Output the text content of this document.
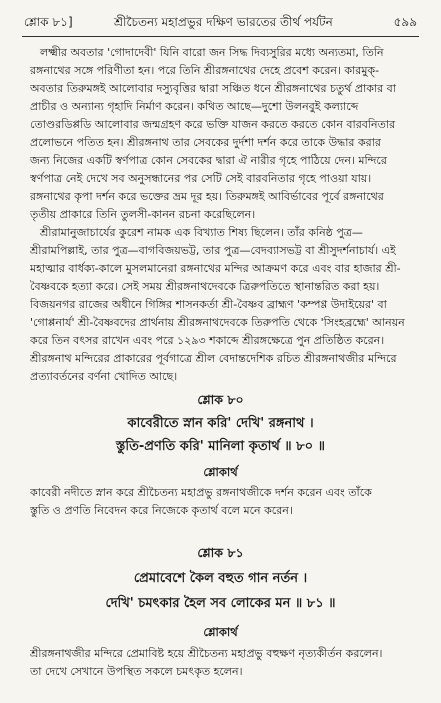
শ্লোক ৮১]	শ্রীচৈতন্য মহাপ্রভুর দক্ষিণ ভারতের তীর্থ পর্যটন	৫৯৯
লক্ষ্মীর অবতার 'গোদাদেবী' যিনি বারো জন সিদ্ধ দিব্যসুরির মধ্যে অন্যতমা, তিনি
রঙ্গনাথের সঙ্গে পরিণীতা হন। পরে তিনি শ্রীরঙ্গনাথের দেহে প্রবেশ করেন। কারমুক্-
অবতার তিরুমঙ্গই আলোবার দস্যুবৃত্তির দ্বারা সঞ্চিত ধনে শ্রীরঙ্গনাথের চতুর্থ প্রাকার বা
প্রাচীর ও অন্যান্য গৃহাদি নির্মাণ করেন। কথিত আছে—দুশো উলনবুই কল্যাব্দে
তোণ্ডরডিপ্পডি আলোবার জন্মগ্রহণ করে ভক্তি যাজন করতে করতে কোন বারবনিতার
প্রলোভনে পতিত হন। শ্রীরঙ্গনাথ তার সেবকের দুর্দশা দর্শন করে তাকে উদ্ধার করার
জন্য নিজের একটি স্বর্ণপাত্র কোন সেবকের দ্বারা ঐ নারীর গৃহে পাঠিয়ে দেন। মন্দিরে
স্বর্ণপাত্র নেই দেখে সব অনুসন্ধানের পর সেটি সেই বারবনিতার গৃহে পাওয়া যায়।
রঙ্গনাথের কৃপা দর্শন করে ভক্তের ভ্রম দূর হয়। তিরুমঙ্গই আবির্ভাবের পূর্বে রঙ্গনাথের
তৃতীয় প্রাকারে তিনি তুলসী-কানন রচনা করেছিলেন।
শ্রীরামানুজাচার্যের কুরেশ নামক এক বিখ্যাত শিষ্য ছিলেন। তাঁর কনিষ্ঠ পুত্র—
শ্রীরামপিল্লাই, তার পুত্র—বাগবিজয়ভট্ট, তার পুত্র—বেদব্যাসভট্ট বা শ্রীসুদর্শনাচার্য। এই
মহাত্মার বার্ধক্য-কালে মুসলমানেরা রঙ্গনাথের মন্দির আক্রমণ করে এবং বার হাজার শ্রী-
বৈষ্ণবকে হত্যা করে। সেই সময় শ্রীরঙ্গনাথদেবকে ত্রিরুপতিতে স্থানান্তরিত করা হয়।
বিজয়নগর রাজের অধীনে গিঙ্গির শাসনকর্তা শ্রী-বৈষ্ণব ব্রাহ্মণ 'কম্পণ্ণ উদাইয়ের' বা
'গোপ্পনার্য' শ্রী-বৈষ্ণবদের প্রার্থনায় শ্রীরঙ্গনাথদেবকে তিরুপতি থেকে 'সিংহব্রহ্মে' আনয়ন
করে তিন বৎসর রাখেন এবং পরে ১২৯৩ শকাব্দে শ্রীরঙ্গক্ষেত্রে পুন প্রতিষ্ঠিত করেন।
শ্রীরঙ্গনাথ মন্দিরের প্রাকারের পূর্বগাত্রে শ্রীল বেদান্তদেশিক রচিত শ্রীরঙ্গনাথজীর মন্দিরে
প্রত্যাবর্তনের বর্ণনা খোদিত আছে।
শ্লোক ৮০
কাবেরীতে স্নান করি' দেখি' রঙ্গনাথ ।
স্তুতি-প্রণতি করি' মানিলা কৃতার্থ ॥ ৮০ ॥
শ্লোকার্থ
কাবেরী নদীতে স্নান করে শ্রীচৈতন্য মহাপ্রভু রঙ্গনাথজীকে দর্শন করেন এবং তাঁকে
স্তুতি ও প্রণতি নিবেদন করে নিজেকে কৃতার্থ বলে মনে করেন।
শ্লোক ৮১
প্রেমাবেশে কৈল বহুত গান নর্তন ।
দেখি' চমৎকার হৈল সব লোকের মন ॥ ৮১ ॥
শ্লোকার্থ
শ্রীরঙ্গনাথজীর মন্দিরে প্রেমাবিষ্ট হয়ে শ্রীচৈতন্য মহাপ্রভু বহুক্ষণ নৃত্যকীর্তন করলেন।
তা দেখে সেখানে উপস্থিত সকলে চমৎকৃত হলেন।
